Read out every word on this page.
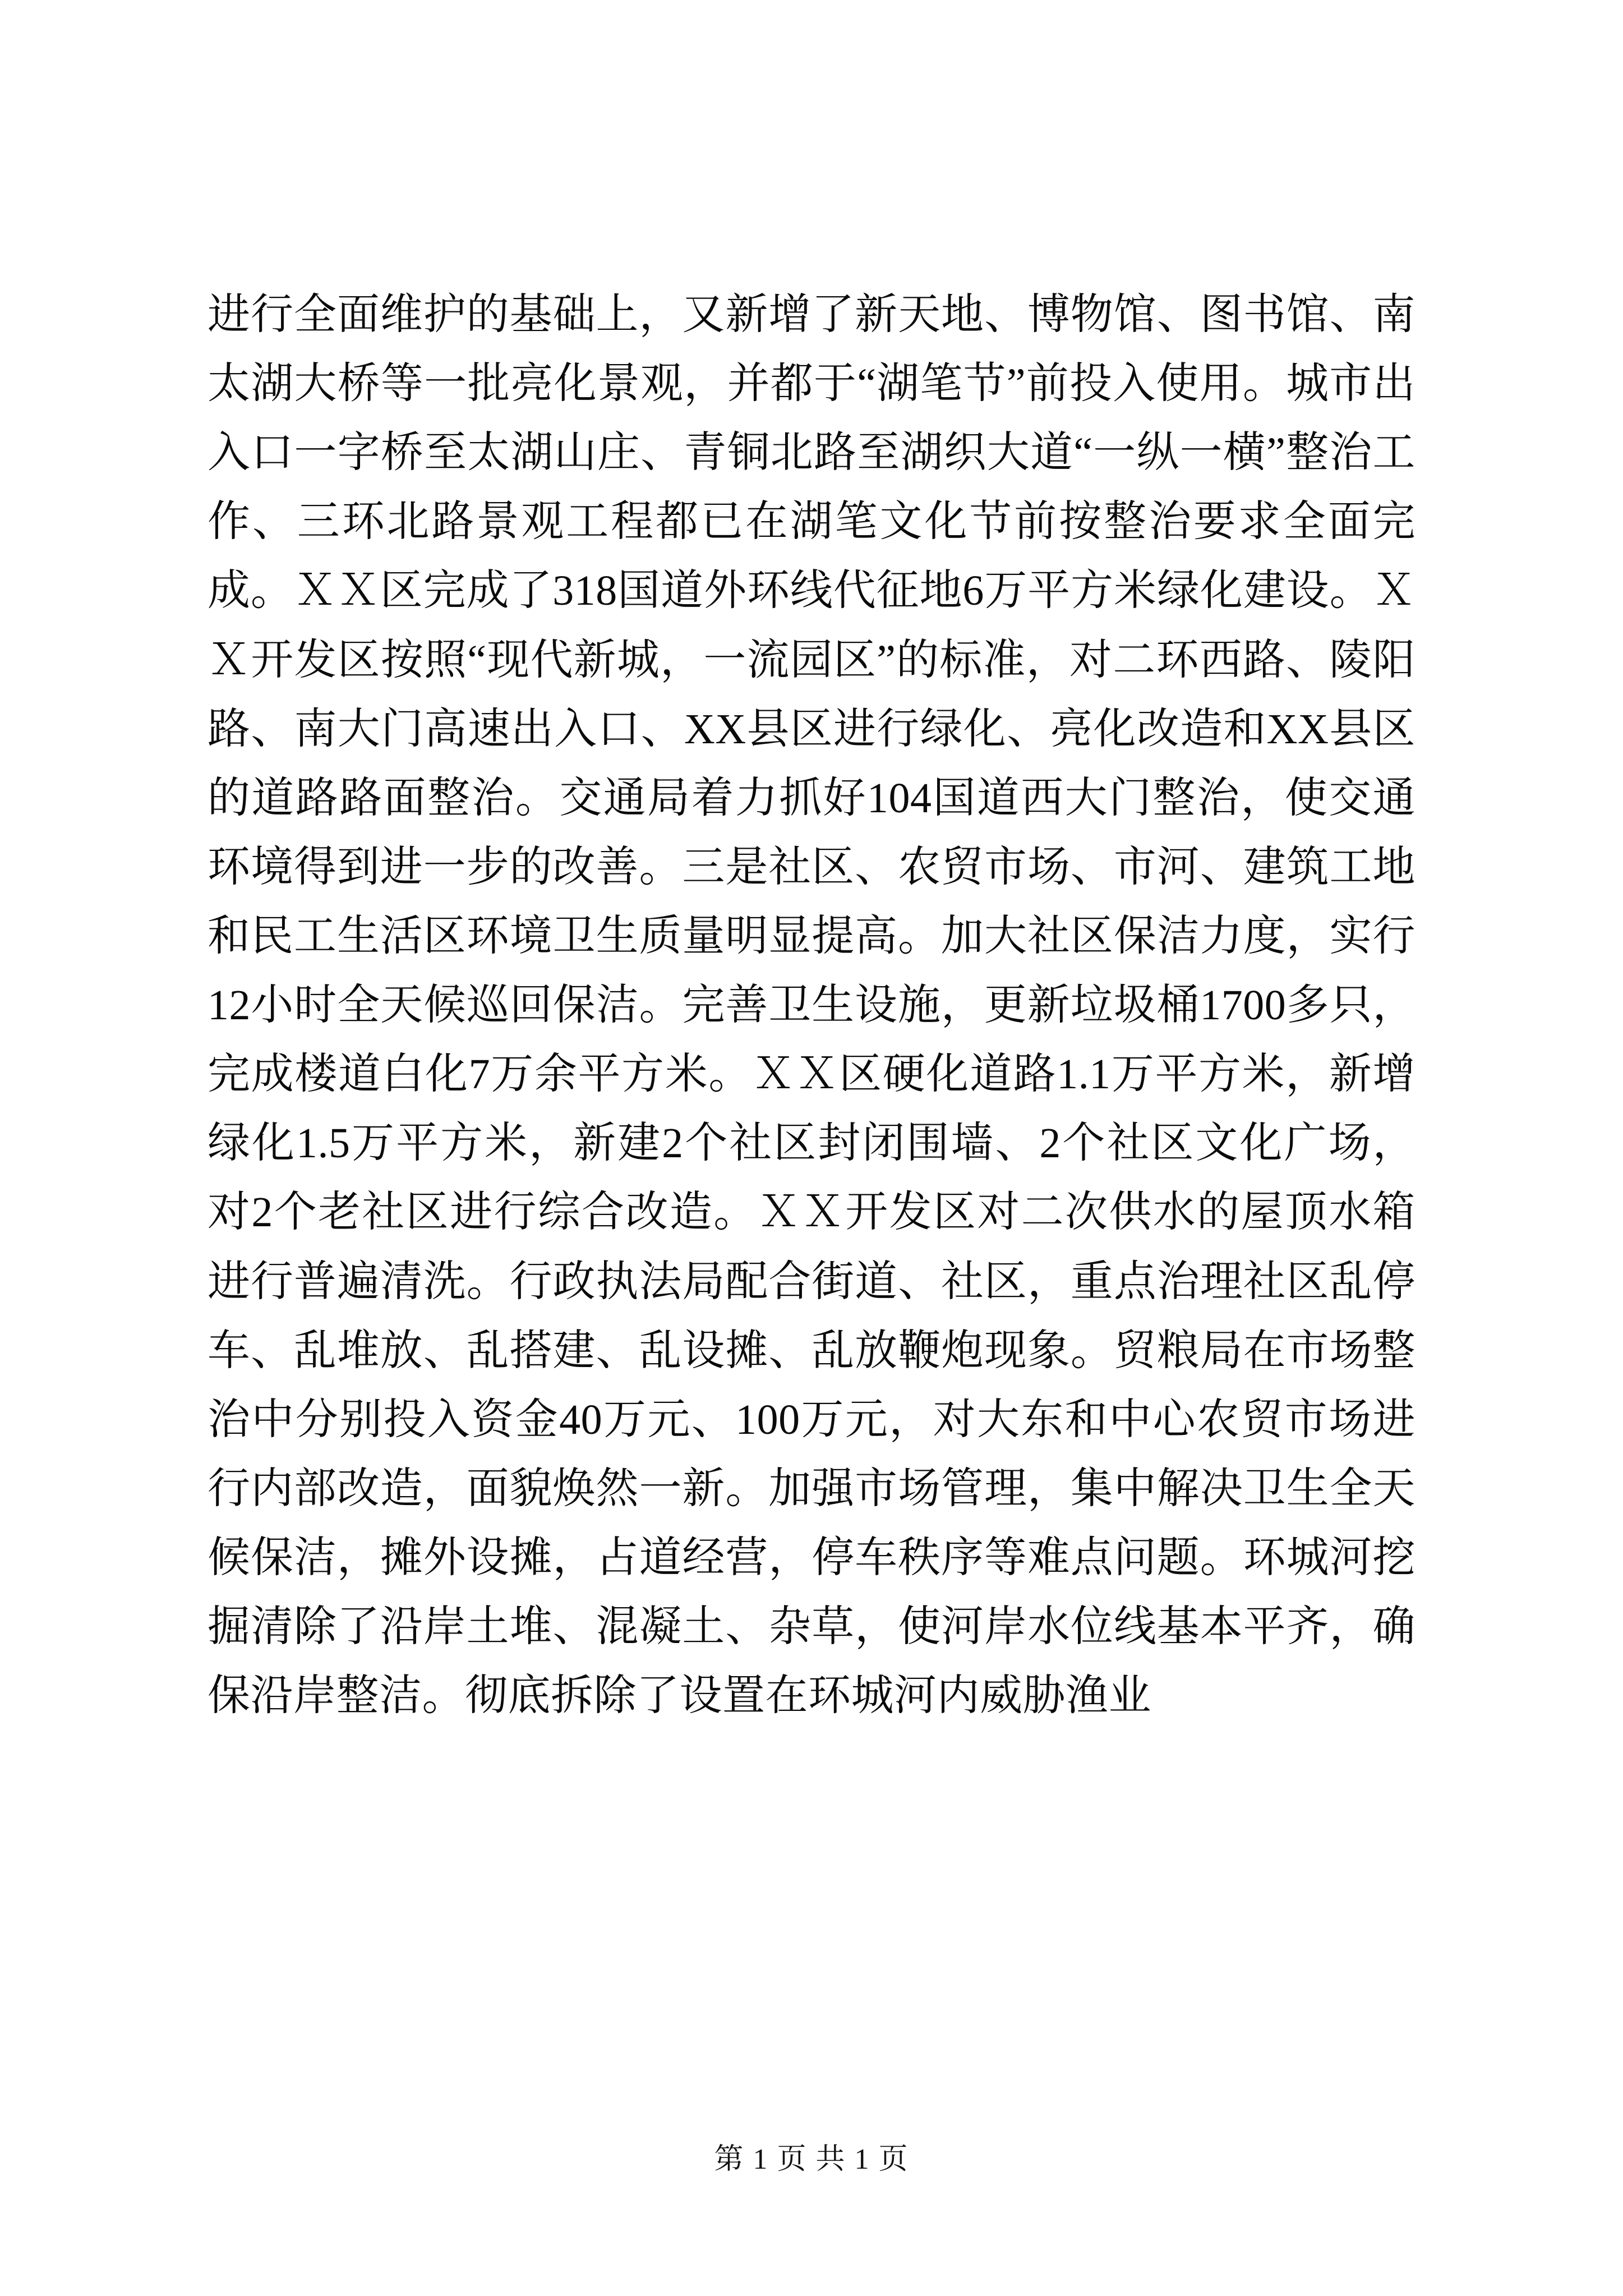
进行全面维护的基础上，又新增了新天地、博物馆、图书馆、南太湖大桥等一批亮化景观，并都于“湖笔节”前投入使用。城市出入口一字桥至太湖山庄、青铜北路至湖织大道“一纵一横”整治工作、三环北路景观工程都已在湖笔文化节前按整治要求全面完成。ＸＸ区完成了318国道外环线代征地6万平方米绿化建设。ＸＸ开发区按照“现代新城，一流园区”的标准，对二环西路、陵阳路、南大门高速出入口、XX县区进行绿化、亮化改造和XX县区的道路路面整治。交通局着力抓好104国道西大门整治，使交通环境得到进一步的改善。三是社区、农贸市场、市河、建筑工地和民工生活区环境卫生质量明显提高。加大社区保洁力度，实行12小时全天候巡回保洁。完善卫生设施，更新垃圾桶1700多只，完成楼道白化7万余平方米。ＸＸ区硬化道路1.1万平方米，新增绿化1.5万平方米，新建2个社区封闭围墙、2个社区文化广场，对2个老社区进行综合改造。ＸＸ开发区对二次供水的屋顶水箱进行普遍清洗。行政执法局配合街道、社区，重点治理社区乱停车、乱堆放、乱搭建、乱设摊、乱放鞭炮现象。贸粮局在市场整治中分别投入资金40万元、100万元，对大东和中心农贸市场进行内部改造，面貌焕然一新。加强市场管理，集中解决卫生全天候保洁，摊外设摊，占道经营，停车秩序等难点问题。环城河挖掘清除了沿岸土堆、混凝土、杂草，使河岸水位线基本平齐，确保沿岸整洁。彻底拆除了设置在环城河内威胁渔业

第 1 页 共 1 页
